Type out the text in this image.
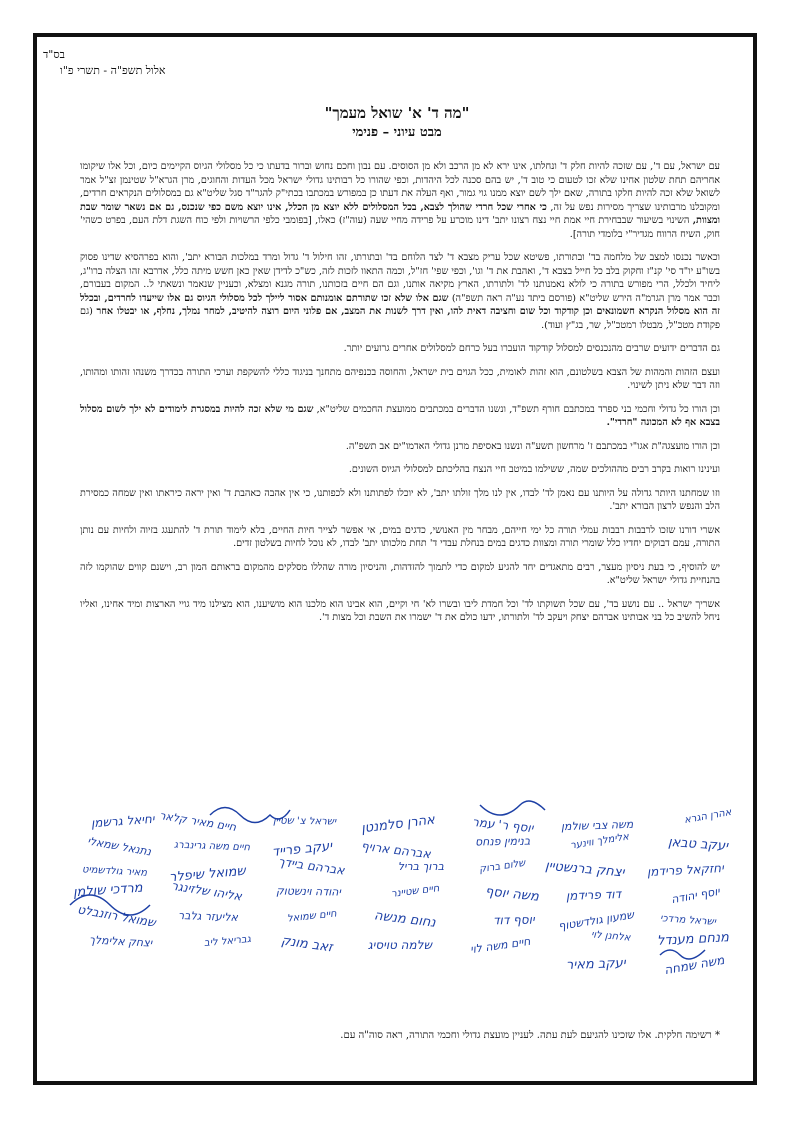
בס"ד
אלול תשפ"ה - תשרי פ"ו
"מה ד' א' שואל מעמך"
מבט עיוני – פנימי

עם ישראל, עם ד', עם שזכה להיות חלק ד' ונחלתו, אינו ירא לא מן הרכב ולא מן הסוסים. עם נבון וחכם נחוש וברור בדעתו כי כל מסלולי הגיוס הקיימים כיום, וכל אלו שיקומו אחריהם תחת שלטון אחינו שלא זכו לטעום כי טוב ד', יש בהם סכנה לכל היהדות, וכפי שהורו כל רבותינו גדולי ישראל מכל העדות והחוגים, מרן הגרא"ל שטינמן זצ"ל אמר לשואל שלא זכה להיות חלקו בתורה, שאם ילך לשם יוצא ממנו גוי גמור, ואף העלה את דעתו כן במפורש במכתבו בכתי"ק להגר"ד סגל שליט"א גם במסלולים הנקראים חרדים, ומקובלנו מרבותינו שצריך מסירות נפש על זה, כי אחרי שכל חרדי שהולך לצבא, בכל המסלולים ללא יוצא מן הכלל, אינו יוצא משם כפי שנכנס, גם אם נשאר שומר שבת ומצוות, השינוי בשיעור שבבחירת חיי אמת חיי נצח רצונו יתב' דינו מוכרע על פרידה מחיי שעה (עוה"ז) כאלו, [בפומבי כלפי הרשויות ולפי כוח השגת דלת העם, בפרט כשהי' חוק, השיח הרווח מגדיר"י בלומדי תורה].

וכאשר נכנסו למצב של מלחמה בד' ובתורתו, פשיטא שכל עריק מצבא ד' לצד הלוחם בד' ובתורתו, זהו חילול ד' גדול ומרד במלכות הבורא יתב', והוא בפרהסיא שדינו פסוק בשו"ע יו"ד סי' קנ"ז וחקוק בלב כל חייל בצבא ד', ואהבת את ד' וגו', וכפי שפי' חז"ל, וכמה התאוו לזכות לזה, כש"כ לדידן שאין כאן חשש מיתה כלל, אדרבא זהו הצלה ברו"ג, ליחיד ולכלל, הרי מפורש בתורה כי לולא נאמנותנו לד' ולתורתו, הארץ מקיאה אותנו, וגם הם חיים בזכותנו, תורה מגנא ומצלא, וכעניין שנאמר ונשאתי ל.. המקום בעבורם, וכבר אמר מרן הגרמ"ה הירש שליט"א (פורסם ביתד נע"ה ראה תשפ"ה) שגם אלו שלא זכו שתורתם אומנותם אסור ליילך לכל מסלולי הגיוס גם אלו שייעדו לחרדים, ובכלל זה הוא מסלול הנקרא חשמונאים וכן קודקוד וכל שום וחציבה דאית להו, ואין דרך לשנות את המצב, אם פלוני היום רוצה להיטיב, למחר נמלך, נחלף, או יבטלו אחר (גם פקודת מטכ"ל, מבטלו רמטכ"ל, שר, בג"ץ ועוד).

גם הדברים ידועים שרבים מהנכנסים למסלול קודקוד הועברו בעל כרחם למסלולים אחרים גרועים יותר.

ועצם הזהות והמהות של הצבא בשלטונם, הוא זהות לאומית, ככל הגוים בית ישראל, והחוסה בכנפיהם מתחנך בניגוד כללי להשקפת וערכי התורה בכדרך משנהו זהותו ומהותו, וזה דבר שלא ניתן לשינוי.

וכן הורו כל גדולי וחכמי בני ספרד במכתבם חורף תשפ"ד, ונשנו הדברים במכתבים ממועצת החכמים שליט"א, שגם מי שלא זכה להיות במסגרת לימודים לא ילך לשום מסלול בצבא אף לא המכונה "חרדי".

וכן הורו מועצגה"ת אגו"י במכתבם ז' מרחשון תשע"ה ונשנו באסיפת מרנן גדולי האדמו"ים אב תשפ"ה.

ועינינו רואות בקרב רבים מההולכים שמה, ששילמו במיטב חיי הנצח בהליכתם למסלולי הגיוס השונים.

וזו שמחתנו היותר גדולה על היותנו עם נאמן לד' לבדו, אין לנו מלך זולתו יתב', לא יוכלו לפתותנו ולא לכפותנו, כי אין אהבה כאהבת ד' ואין יראה כיראתו ואין שמחה כמסירת הלב והנפש לרצון הבורא יתב'.

אשרי דורנו שזכו לרבבות רבבות עמלי תורה כל ימי חייהם, מבחר מין האנושי, כדגים במים, אי אפשר לצייר חיות החיים, בלא לימוד תורת ד' להתעגג בזיוה ולחיות עם נותן התורה, עמם דבוקים יחדיו כלל שומרי תורה ומצוות כדגים במים בנחלת עבדי ד' תחת מלכותו יתב' לבדו, לא נוכל לחיות בשלטון זדים.

יש להוסיף, כי בעת ניסיון מעצר, רבים מתאגדים יחד להגיע למקום כדי לתמוך להזדהות, והניסיון מורה שהללו מסלקים מהמקום בראותם המון רב, וישנם קווים שהוקמו לזה בהנחיית גדולי ישראל שליט"א.

אשריך ישראל .. עם נושע בד', עם שכל תשוקתו לד' וכל חמדת ליבו ובשרו לא' חי וקיים, הוא אבינו הוא מלכנו הוא מושיענו, הוא מצילנו מיד גויי הארצות ומיד אחינו, ואליו ניחל להשיב כל בני אבותינו אברהם יצחק ויעקב לד' ולתורתו, ידעו כולם את ד' ישמרו את השבת וכל מצות ד'.

אהרן הגרא
משה צבי שולמן
יוסף ר' עמר
אהרן סלמנטן
ישראל צ' שטיין
חיים מאיר קלאר
יחיאל גרשמן
יעקב טבאן
אלימלך ווינער
בנימין פנחס
אברהם ארויף
יעקב פרייד
חיים משה גרינברג
נתנאל שמאלי
יחזקאל פרידמן
יצחק ברנשטיין
שלום ברוק
ברוך בריל
אברהם ביידך
שמואל שיפלר
מאיר גולדשמיט
יוסף יהודה
דוד פרידמן
משה יוסף
חיים שטיינר
יהודה וינשטוק
אליהו שלזינגר
מרדכי שולמן
ישראל מרדכי
שמעון גולדשטוף
יוסף דוד
נחום מנשה
חיים שמואל
אליעזר גלבר
שמואל רוזנבלט
מנחם מענדל
אלחנן לוי
חיים משה לוי
שלמה טויסיג
זאב מונק
גבריאל ליב
יצחק אלימלך
משה שמחה
יעקב מאיר
* רשימה חלקית. אלו שזכינו להגיעם לעת עתה. לעניין מועצת גדולי וחכמי התורה, ראה סוה"ה עם.
